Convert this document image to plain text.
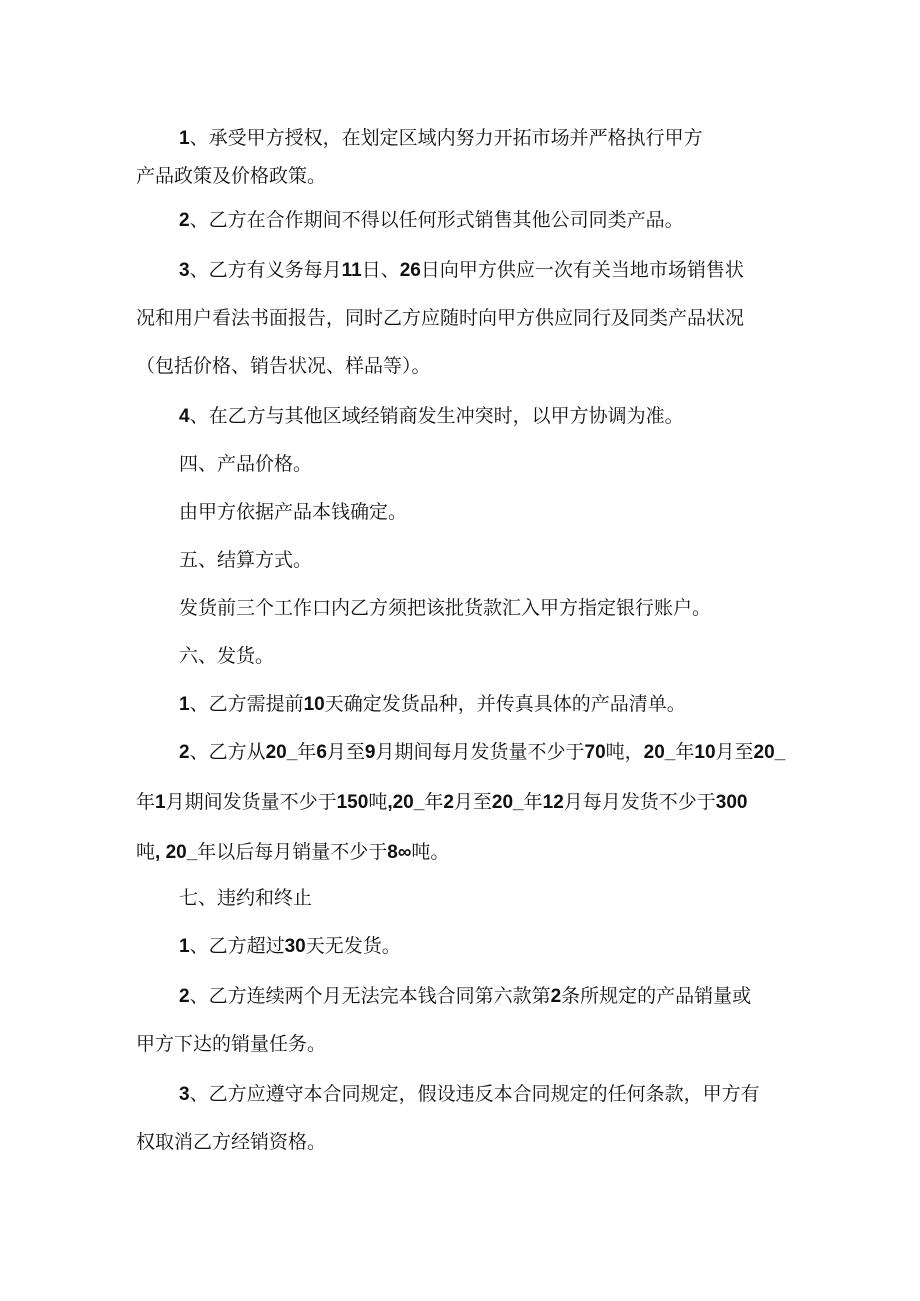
1、承受甲方授权，在划定区域内努力开拓市场并严格执行甲方
产品政策及价格政策。
2、乙方在合作期间不得以任何形式销售其他公司同类产品。
3、乙方有义务每月11日、26日向甲方供应一次有关当地市场销售状
况和用户看法书面报告，同时乙方应随时向甲方供应同行及同类产品状况
（包括价格、销告状况、样品等）。
4、在乙方与其他区域经销商发生冲突时，以甲方协调为准。
四、产品价格。
由甲方依据产品本钱确定。
五、结算方式。
发货前三个工作口内乙方须把该批货款汇入甲方指定银行账户。
六、发货。
1、乙方需提前10天确定发货品种，并传真具体的产品清单。
2、乙方从20_年6月至9月期间每月发货量不少于70吨，20_年10月至20_
年1月期间发货量不少于150吨,20_年2月至20_年12月每月发货不少于300
吨, 20_年以后每月销量不少于8∞吨。
七、违约和终止
1、乙方超过30天无发货。
2、乙方连续两个月无法完本钱合同第六款第2条所规定的产品销量或
甲方下达的销量任务。
3、乙方应遵守本合同规定，假设违反本合同规定的任何条款，甲方有
权取消乙方经销资格。
